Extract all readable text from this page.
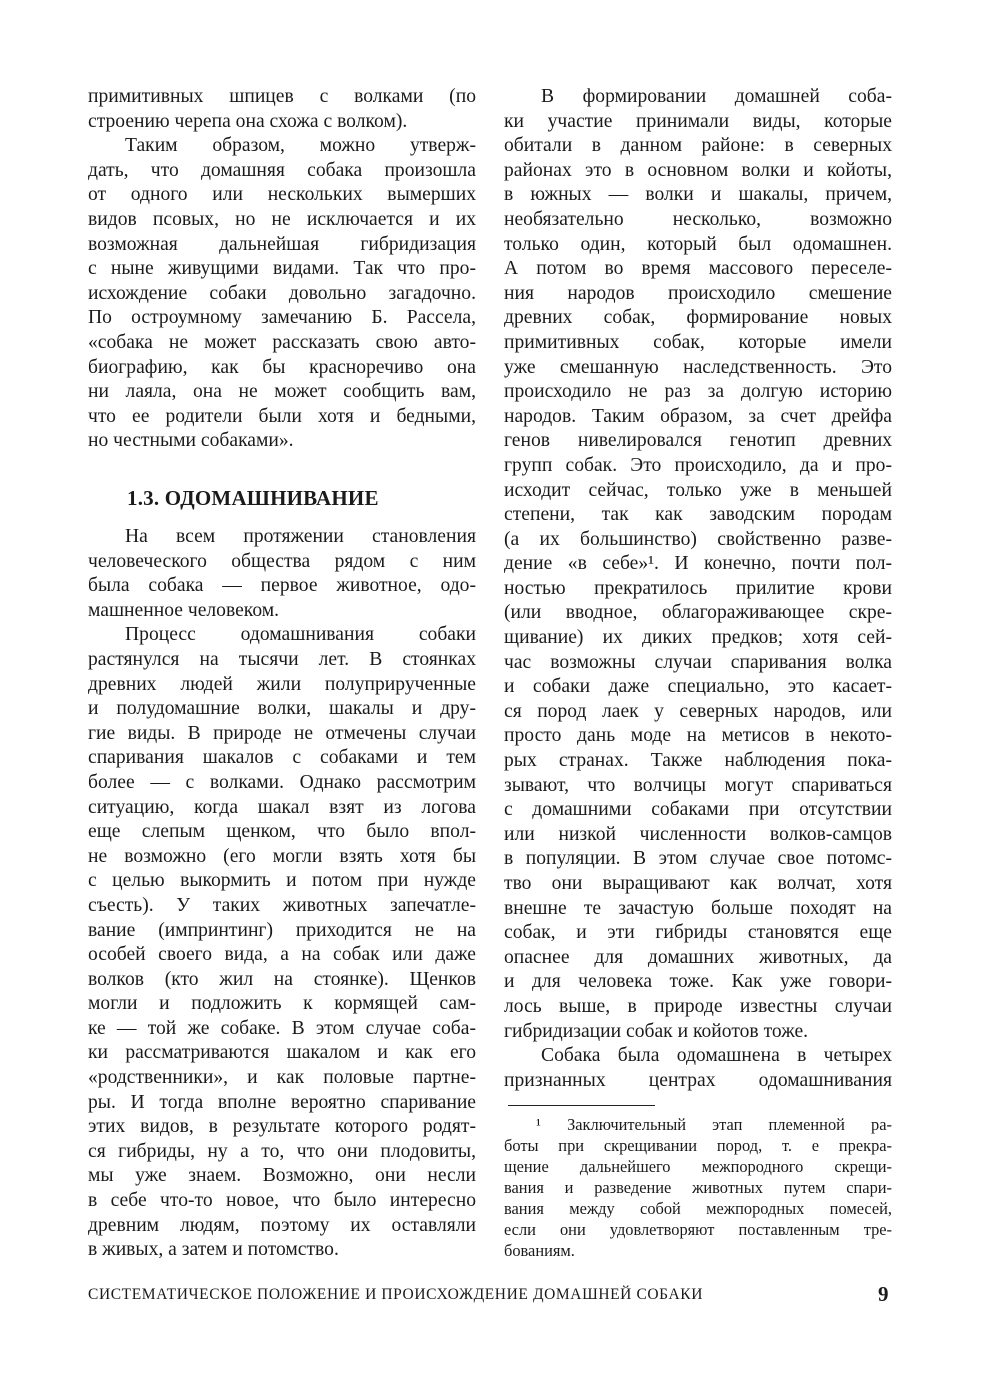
примитивных шпицев с волками (по
строению черепа она схожа с волком).
Таким образом, можно утверж-
дать, что домашняя собака произошла
от одного или нескольких вымерших
видов псовых, но не исключается и их
возможная дальнейшая гибридизация
с ныне живущими видами. Так что про-
исхождение собаки довольно загадочно.
По остроумному замечанию Б. Рассела,
«собака не может рассказать свою авто-
биографию, как бы красноречиво она
ни лаяла, она не может сообщить вам,
что ее родители были хотя и бедными,
но честными собаками».
1.3. ОДОМАШНИВАНИЕ
На всем протяжении становления
человеческого общества рядом с ним
была собака — первое животное, одо-
машненное человеком.
Процесс одомашнивания собаки
растянулся на тысячи лет. В стоянках
древних людей жили полуприрученные
и полудомашние волки, шакалы и дру-
гие виды. В природе не отмечены случаи
спаривания шакалов с собаками и тем
более — с волками. Однако рассмотрим
ситуацию, когда шакал взят из логова
еще слепым щенком, что было впол-
не возможно (его могли взять хотя бы
с целью выкормить и потом при нужде
съесть). У таких животных запечатле-
вание (импринтинг) приходится не на
особей своего вида, а на собак или даже
волков (кто жил на стоянке). Щенков
могли и подложить к кормящей сам-
ке — той же собаке. В этом случае соба-
ки рассматриваются шакалом и как его
«родственники», и как половые партне-
ры. И тогда вполне вероятно спаривание
этих видов, в результате которого родят-
ся гибриды, ну а то, что они плодовиты,
мы уже знаем. Возможно, они несли
в себе что-то новое, что было интересно
древним людям, поэтому их оставляли
в живых, а затем и потомство.
В формировании домашней соба-
ки участие принимали виды, которые
обитали в данном районе: в северных
районах это в основном волки и койоты,
в южных — волки и шакалы, причем,
необязательно несколько, возможно
только один, который был одомашнен.
А потом во время массового переселе-
ния народов происходило смешение
древних собак, формирование новых
примитивных собак, которые имели
уже смешанную наследственность. Это
происходило не раз за долгую историю
народов. Таким образом, за счет дрейфа
генов нивелировался генотип древних
групп собак. Это происходило, да и про-
исходит сейчас, только уже в меньшей
степени, так как заводским породам
(а их большинство) свойственно разве-
дение «в себе»¹. И конечно, почти пол-
ностью прекратилось прилитие крови
(или вводное, облагораживающее скре-
щивание) их диких предков; хотя сей-
час возможны случаи спаривания волка
и собаки даже специально, это касает-
ся пород лаек у северных народов, или
просто дань моде на метисов в некото-
рых странах. Также наблюдения пока-
зывают, что волчицы могут спариваться
с домашними собаками при отсутствии
или низкой численности волков-самцов
в популяции. В этом случае свое потомс-
тво они выращивают как волчат, хотя
внешне те зачастую больше походят на
собак, и эти гибриды становятся еще
опаснее для домашних животных, да
и для человека тоже. Как уже говори-
лось выше, в природе известны случаи
гибридизации собак и койотов тоже.
Собака была одомашнена в четырех
признанных центрах одомашнивания
¹ Заключительный этап племенной ра-
боты при скрещивании пород, т. е прекра-
щение дальнейшего межпородного скрещи-
вания и разведение животных путем спари-
вания между собой межпородных помесей,
если они удовлетворяют поставленным тре-
бованиям.
СИСТЕМАТИЧЕСКОЕ ПОЛОЖЕНИЕ И ПРОИСХОЖДЕНИЕ ДОМАШНЕЙ СОБАКИ	9
